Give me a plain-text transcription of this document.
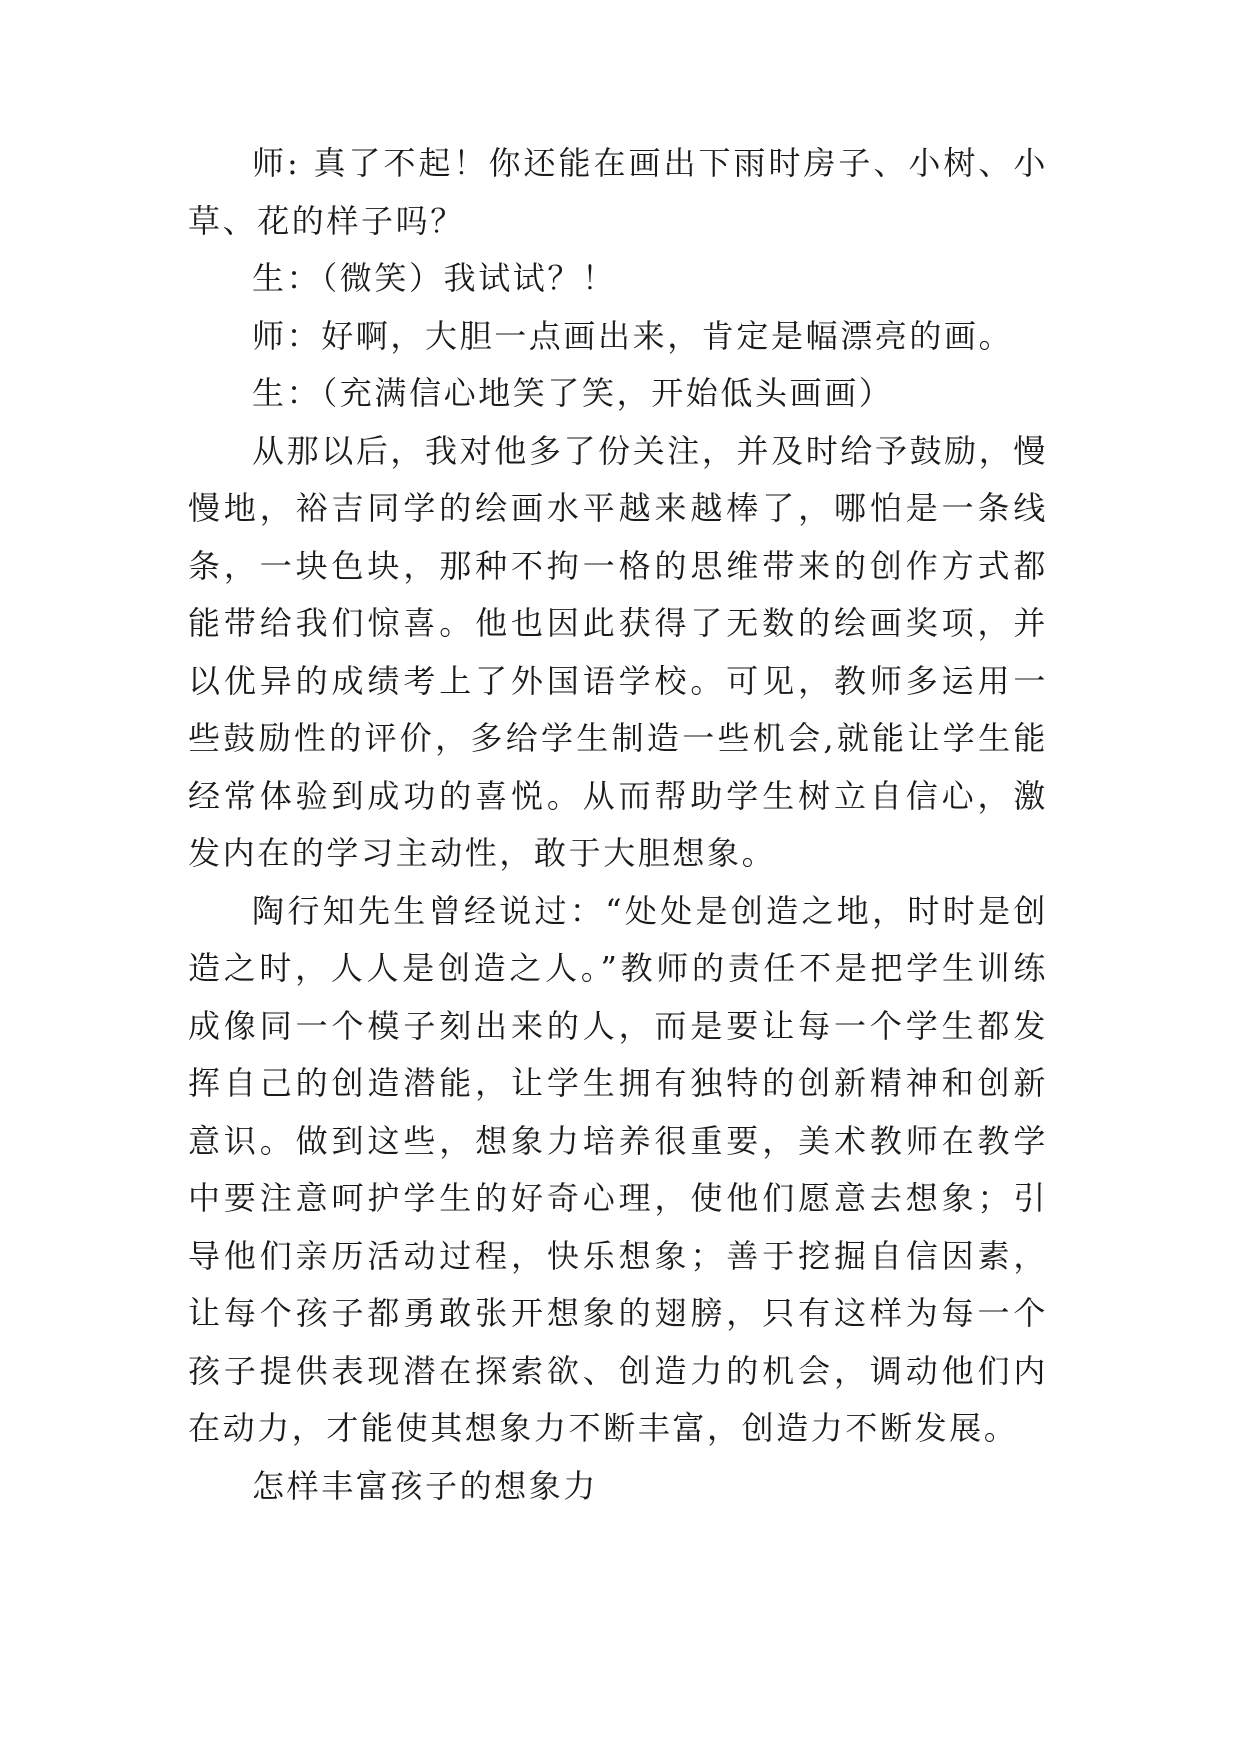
师: 真了不起！你还能在画出下雨时房子、小树、小草、花的样子吗？

生：（微笑）我试试？！

师：好啊，大胆一点画出来，肯定是幅漂亮的画。

生：（充满信心地笑了笑，开始低头画画）

从那以后，我对他多了份关注，并及时给予鼓励，慢慢地，裕吉同学的绘画水平越来越棒了，哪怕是一条线条，一块色块，那种不拘一格的思维带来的创作方式都能带给我们惊喜。他也因此获得了无数的绘画奖项，并以优异的成绩考上了外国语学校。可见，教师多运用一些鼓励性的评价，多给学生制造一些机会,就能让学生能经常体验到成功的喜悦。从而帮助学生树立自信心，激发内在的学习主动性，敢于大胆想象。

陶行知先生曾经说过：“处处是创造之地，时时是创造之时，人人是创造之人。”教师的责任不是把学生训练成像同一个模子刻出来的人，而是要让每一个学生都发挥自己的创造潜能，让学生拥有独特的创新精神和创新意识。做到这些，想象力培养很重要，美术教师在教学中要注意呵护学生的好奇心理，使他们愿意去想象；引导他们亲历活动过程，快乐想象；善于挖掘自信因素，让每个孩子都勇敢张开想象的翅膀，只有这样为每一个孩子提供表现潜在探索欲、创造力的机会，调动他们内在动力，才能使其想象力不断丰富，创造力不断发展。

怎样丰富孩子的想象力
